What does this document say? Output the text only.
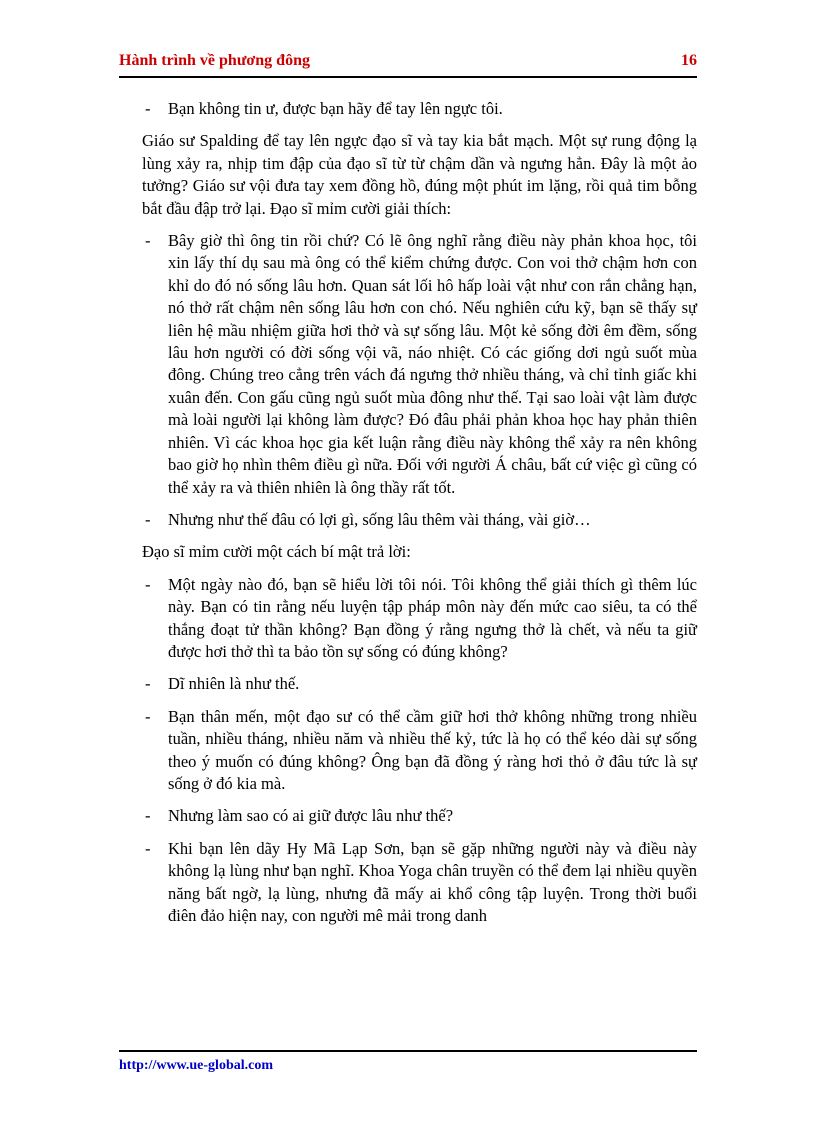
Hành trình về phương đông	16
- Bạn không tin ư, được bạn hãy để tay lên ngực tôi.

Giáo sư Spalding để tay lên ngực đạo sĩ và tay kia bắt mạch. Một sự rung động lạ lùng xảy ra, nhịp tim đập của đạo sĩ từ từ chậm dần và ngưng hẳn. Đây là một ảo tưởng? Giáo sư vội đưa tay xem đồng hồ, đúng một phút im lặng, rồi quả tim bỗng bắt đầu đập trở lại. Đạo sĩ mỉm cười giải thích:

- Bây giờ thì ông tin rồi chứ? Có lẽ ông nghĩ rằng điều này phản khoa học, tôi xin lấy thí dụ sau mà ông có thể kiểm chứng được. Con voi thở chậm hơn con khỉ do đó nó sống lâu hơn. Quan sát lối hô hấp loài vật như con rắn chẳng hạn, nó thở rất chậm nên sống lâu hơn con chó. Nếu nghiên cứu kỹ, bạn sẽ thấy sự liên hệ mầu nhiệm giữa hơi thở và sự sống lâu. Một kẻ sống đời êm đềm, sống lâu hơn người có đời sống vội vã, náo nhiệt. Có các giống dơi ngủ suốt mùa đông. Chúng treo cẳng trên vách đá ngưng thở nhiều tháng, và chỉ tỉnh giấc khi xuân đến. Con gấu cũng ngủ suốt mùa đông như thế. Tại sao loài vật làm được mà loài người lại không làm được? Đó đâu phải phản khoa học hay phản thiên nhiên. Vì các khoa học gia kết luận rằng điều này không thể xảy ra nên không bao giờ họ nhìn thêm điều gì nữa. Đối với người Á châu, bất cứ việc gì cũng có thể xảy ra và thiên nhiên là ông thầy rất tốt.
- Nhưng như thế đâu có lợi gì, sống lâu thêm vài tháng, vài giờ…

Đạo sĩ mỉm cười một cách bí mật trả lời:

- Một ngày nào đó, bạn sẽ hiểu lời tôi nói. Tôi không thể giải thích gì thêm lúc này. Bạn có tin rằng nếu luyện tập pháp môn này đến mức cao siêu, ta có thể thắng đoạt tử thần không? Bạn đồng ý rằng ngưng thở là chết, và nếu ta giữ được hơi thở thì ta bảo tồn sự sống có đúng không?
- Dĩ nhiên là như thế.
- Bạn thân mến, một đạo sư có thể cầm giữ hơi thở không những trong nhiều tuần, nhiều tháng, nhiều năm và nhiều thế kỷ, tức là họ có thể kéo dài sự sống theo ý muốn có đúng không? Ông bạn đã đồng ý ràng hơi thỏ ở đâu tức là sự sống ở đó kia mà.
- Nhưng làm sao có ai giữ được lâu như thế?
- Khi bạn lên dãy Hy Mã Lạp Sơn, bạn sẽ gặp những người này và điều này không lạ lùng như bạn nghĩ. Khoa Yoga chân truyền có thể đem lại nhiều quyền năng bất ngờ, lạ lùng, nhưng đã mấy ai khổ công tập luyện. Trong thời buổi điên đảo hiện nay, con người mê mải trong danh
http://www.ue-global.com
